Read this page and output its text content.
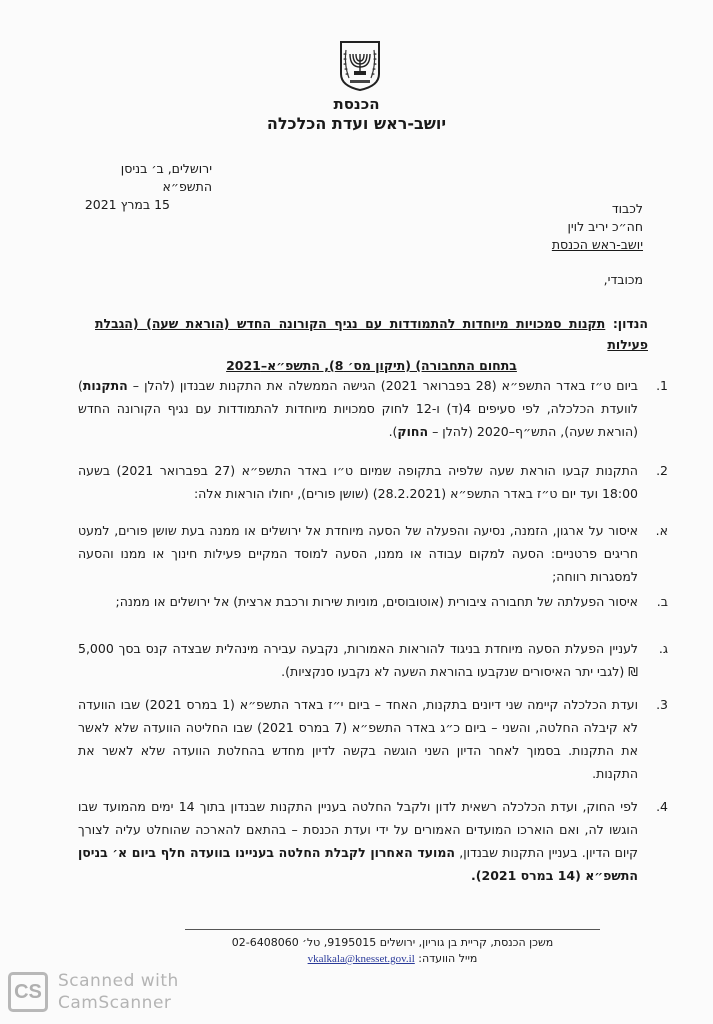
הכנסת
יושב-ראש ועדת הכלכלה
ירושלים, ב׳ בניסן התשפ״א
15 במרץ 2021	לכבוד
חה״כ יריב לוין
יושב-ראש הכנסת
מכובדי,
הנדון: תקנות סמכויות מיוחדות להתמודדות עם נגיף הקורונה החדש (הוראת שעה) (הגבלת פעילות
בתחום התחבורה) (תיקון מס׳ 8), התשפ״א–2021
1.
ביום ט״ז באדר התשפ״א (28 בפברואר 2021) הגישה הממשלה את התקנות שבנדון (להלן – התקנות) לוועדת הכלכלה, לפי סעיפים 4(ד) ו-12 לחוק סמכויות מיוחדות להתמודדות עם נגיף הקורונה החדש (הוראת שעה), התש״ף–2020 (להלן – החוק).
2.
התקנות קבעו הוראת שעה שלפיה בתקופה שמיום ט״ו באדר התשפ״א (27 בפברואר 2021) בשעה 18:00 ועד יום ט״ז באדר התשפ״א (28.2.2021) (שושן פורים), יחולו הוראות אלה:
א.
איסור על ארגון, הזמנה, נסיעה והפעלה של הסעה מיוחדת אל ירושלים או ממנה בעת שושן פורים, למעט חריגים פרטניים: הסעה למקום עבודה או ממנו, הסעה למוסד המקיים פעילות חינוך או ממנו והסעה למסגרות רווחה;
ב.
איסור הפעלתה של תחבורה ציבורית (אוטובוסים, מוניות שירות ורכבת ארצית) אל ירושלים או ממנה;
ג.
לעניין הפעלת הסעה מיוחדת בניגוד להוראות האמורות, נקבעה עבירה מינהלית שבצדה קנס בסך 5,000 ₪ (לגבי יתר האיסורים שנקבעו בהוראת השעה לא נקבעו סנקציות).
3.
ועדת הכלכלה קיימה שני דיונים בתקנות, האחד – ביום י״ז באדר התשפ״א (1 במרס 2021) שבו הוועדה לא קיבלה החלטה, והשני – ביום כ״ג באדר התשפ״א (7 במרס 2021) שבו החליטה הוועדה שלא לאשר את התקנות. בסמוך לאחר הדיון השני הוגשה בקשה לדיון מחדש בהחלטת הוועדה שלא לאשר את התקנות.
4.
לפי החוק, ועדת הכלכלה רשאית לדון ולקבל החלטה בעניין התקנות שבנדון בתוך 14 ימים מהמועד שבו הוגשו לה, ואם הוארכו המועדים האמורים על ידי ועדת הכנסת – בהתאם להארכה שהוחלט עליה לצורך קיום הדיון. בעניין התקנות שבנדון, המועד האחרון לקבלת החלטה בעניינו בוועדה חלף ביום א׳ בניסן התשפ״א (14 במרס 2021).
משכן הכנסת, קריית בן גוריון, ירושלים 9195015, טל׳ 02-6408060
מייל הוועדה: vkalkala@knesset.gov.il
CS Scanned with
CamScanner
